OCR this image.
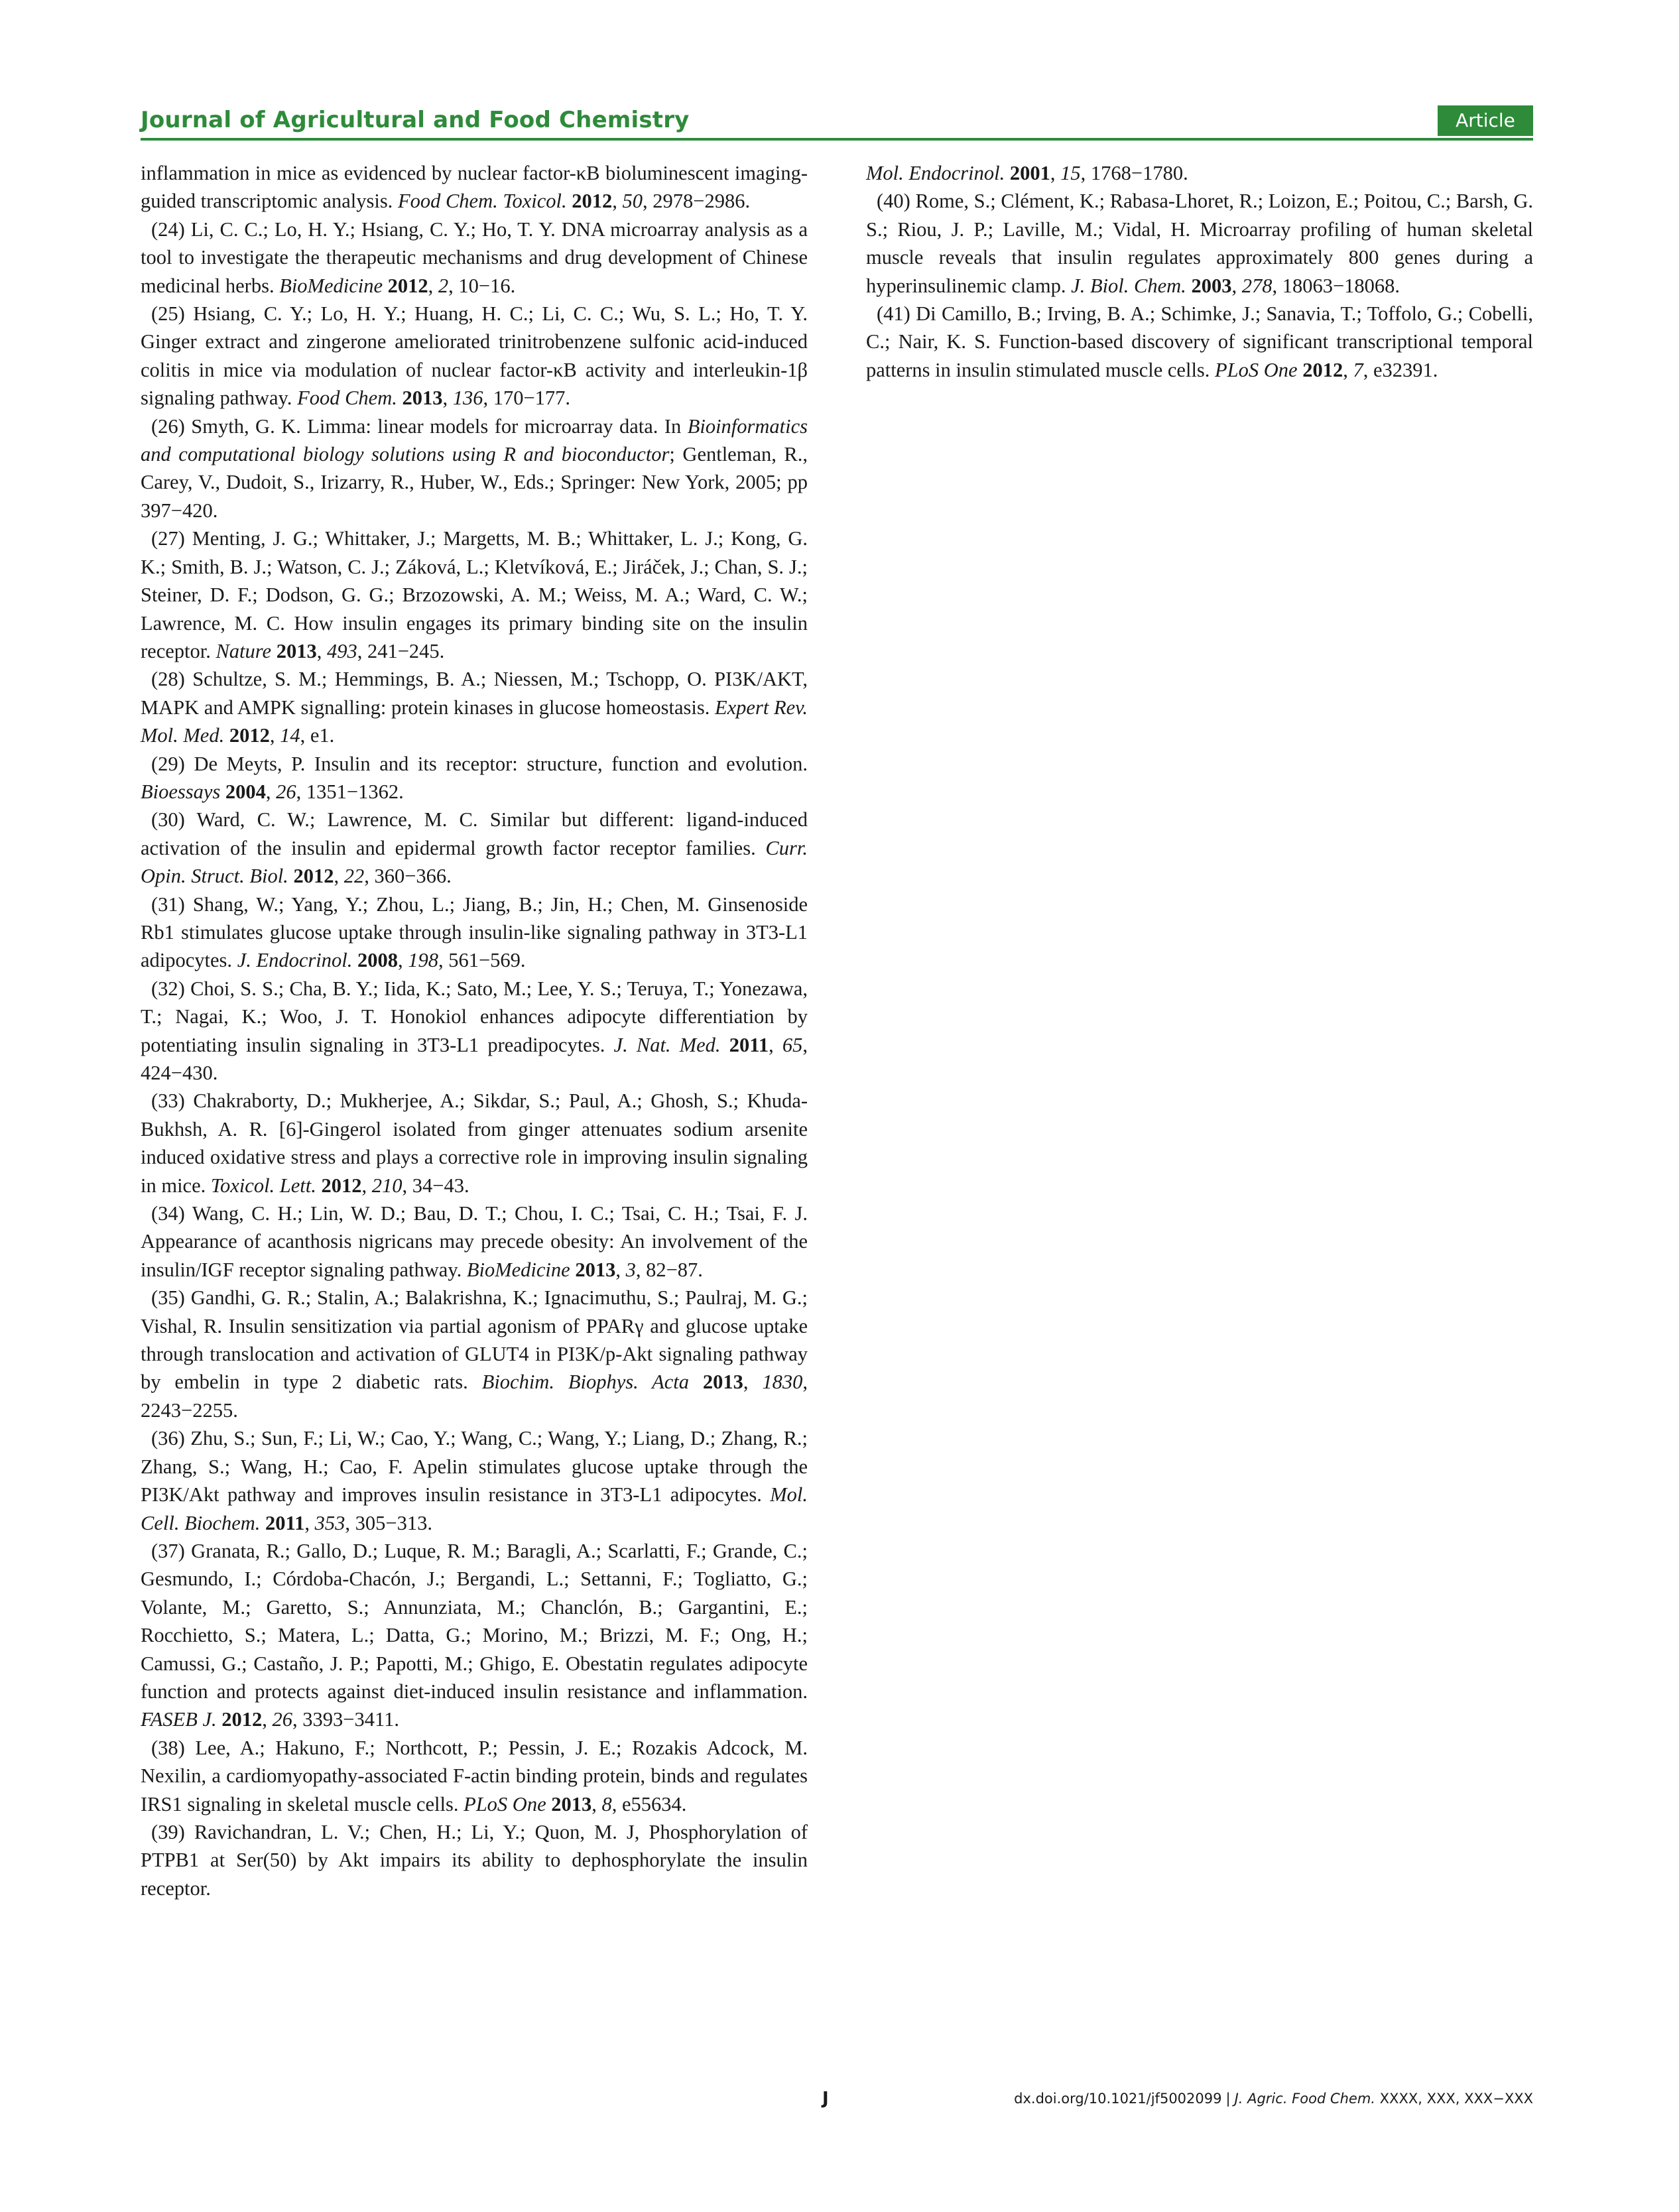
Journal of Agricultural and Food Chemistry	Article

inflammation in mice as evidenced by nuclear factor-κB bioluminescent imaging-guided transcriptomic analysis. Food Chem. Toxicol. 2012, 50, 2978−2986.

(24) Li, C. C.; Lo, H. Y.; Hsiang, C. Y.; Ho, T. Y. DNA microarray analysis as a tool to investigate the therapeutic mechanisms and drug development of Chinese medicinal herbs. BioMedicine 2012, 2, 10−16.

(25) Hsiang, C. Y.; Lo, H. Y.; Huang, H. C.; Li, C. C.; Wu, S. L.; Ho, T. Y. Ginger extract and zingerone ameliorated trinitrobenzene sulfonic acid-induced colitis in mice via modulation of nuclear factor-κB activity and interleukin-1β signaling pathway. Food Chem. 2013, 136, 170−177.

(26) Smyth, G. K. Limma: linear models for microarray data. In Bioinformatics and computational biology solutions using R and bioconductor; Gentleman, R., Carey, V., Dudoit, S., Irizarry, R., Huber, W., Eds.; Springer: New York, 2005; pp 397−420.

(27) Menting, J. G.; Whittaker, J.; Margetts, M. B.; Whittaker, L. J.; Kong, G. K.; Smith, B. J.; Watson, C. J.; Záková, L.; Kletvíková, E.; Jiráček, J.; Chan, S. J.; Steiner, D. F.; Dodson, G. G.; Brzozowski, A. M.; Weiss, M. A.; Ward, C. W.; Lawrence, M. C. How insulin engages its primary binding site on the insulin receptor. Nature 2013, 493, 241−245.

(28) Schultze, S. M.; Hemmings, B. A.; Niessen, M.; Tschopp, O. PI3K/AKT, MAPK and AMPK signalling: protein kinases in glucose homeostasis. Expert Rev. Mol. Med. 2012, 14, e1.

(29) De Meyts, P. Insulin and its receptor: structure, function and evolution. Bioessays 2004, 26, 1351−1362.

(30) Ward, C. W.; Lawrence, M. C. Similar but different: ligand-induced activation of the insulin and epidermal growth factor receptor families. Curr. Opin. Struct. Biol. 2012, 22, 360−366.

(31) Shang, W.; Yang, Y.; Zhou, L.; Jiang, B.; Jin, H.; Chen, M. Ginsenoside Rb1 stimulates glucose uptake through insulin-like signaling pathway in 3T3-L1 adipocytes. J. Endocrinol. 2008, 198, 561−569.

(32) Choi, S. S.; Cha, B. Y.; Iida, K.; Sato, M.; Lee, Y. S.; Teruya, T.; Yonezawa, T.; Nagai, K.; Woo, J. T. Honokiol enhances adipocyte differentiation by potentiating insulin signaling in 3T3-L1 preadipocytes. J. Nat. Med. 2011, 65, 424−430.

(33) Chakraborty, D.; Mukherjee, A.; Sikdar, S.; Paul, A.; Ghosh, S.; Khuda-Bukhsh, A. R. [6]-Gingerol isolated from ginger attenuates sodium arsenite induced oxidative stress and plays a corrective role in improving insulin signaling in mice. Toxicol. Lett. 2012, 210, 34−43.

(34) Wang, C. H.; Lin, W. D.; Bau, D. T.; Chou, I. C.; Tsai, C. H.; Tsai, F. J. Appearance of acanthosis nigricans may precede obesity: An involvement of the insulin/IGF receptor signaling pathway. BioMedicine 2013, 3, 82−87.

(35) Gandhi, G. R.; Stalin, A.; Balakrishna, K.; Ignacimuthu, S.; Paulraj, M. G.; Vishal, R. Insulin sensitization via partial agonism of PPARγ and glucose uptake through translocation and activation of GLUT4 in PI3K/p-Akt signaling pathway by embelin in type 2 diabetic rats. Biochim. Biophys. Acta 2013, 1830, 2243−2255.

(36) Zhu, S.; Sun, F.; Li, W.; Cao, Y.; Wang, C.; Wang, Y.; Liang, D.; Zhang, R.; Zhang, S.; Wang, H.; Cao, F. Apelin stimulates glucose uptake through the PI3K/Akt pathway and improves insulin resistance in 3T3-L1 adipocytes. Mol. Cell. Biochem. 2011, 353, 305−313.

(37) Granata, R.; Gallo, D.; Luque, R. M.; Baragli, A.; Scarlatti, F.; Grande, C.; Gesmundo, I.; Córdoba-Chacón, J.; Bergandi, L.; Settanni, F.; Togliatto, G.; Volante, M.; Garetto, S.; Annunziata, M.; Chanclón, B.; Gargantini, E.; Rocchietto, S.; Matera, L.; Datta, G.; Morino, M.; Brizzi, M. F.; Ong, H.; Camussi, G.; Castaño, J. P.; Papotti, M.; Ghigo, E. Obestatin regulates adipocyte function and protects against diet-induced insulin resistance and inflammation. FASEB J. 2012, 26, 3393−3411.

(38) Lee, A.; Hakuno, F.; Northcott, P.; Pessin, J. E.; Rozakis Adcock, M. Nexilin, a cardiomyopathy-associated F-actin binding protein, binds and regulates IRS1 signaling in skeletal muscle cells. PLoS One 2013, 8, e55634.

(39) Ravichandran, L. V.; Chen, H.; Li, Y.; Quon, M. J, Phosphorylation of PTPB1 at Ser(50) by Akt impairs its ability to dephosphorylate the insulin receptor.

Mol. Endocrinol. 2001, 15, 1768−1780.

(40) Rome, S.; Clément, K.; Rabasa-Lhoret, R.; Loizon, E.; Poitou, C.; Barsh, G. S.; Riou, J. P.; Laville, M.; Vidal, H. Microarray profiling of human skeletal muscle reveals that insulin regulates approximately 800 genes during a hyperinsulinemic clamp. J. Biol. Chem. 2003, 278, 18063−18068.

(41) Di Camillo, B.; Irving, B. A.; Schimke, J.; Sanavia, T.; Toffolo, G.; Cobelli, C.; Nair, K. S. Function-based discovery of significant transcriptional temporal patterns in insulin stimulated muscle cells. PLoS One 2012, 7, e32391.

J	dx.doi.org/10.1021/jf5002099 | J. Agric. Food Chem. XXXX, XXX, XXX−XXX
